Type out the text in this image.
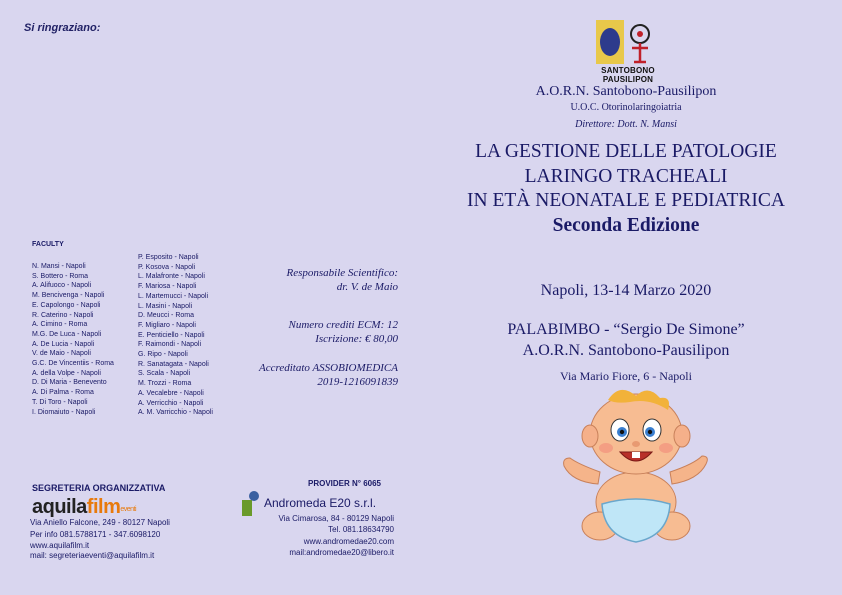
Si ringraziano:
SANTOBONO
PAUSILIPON
A.O.R.N. Santobono-Pausilipon
U.O.C. Otorinolaringoiatria
Direttore: Dott. N. Mansi
LA GESTIONE DELLE PATOLOGIE
LARINGO TRACHEALI
IN ETÀ NEONATALE E PEDIATRICA
Seconda Edizione
Napoli, 13-14 Marzo 2020
PALABIMBO - “Sergio De Simone”
A.O.R.N. Santobono-Pausilipon
Via Mario Fiore, 6 - Napoli
FACULTY
N. Mansi - Napoli
S. Bottero - Roma
A. Alifuoco - Napoli
M. Bencivenga - Napoli
E. Capolongo - Napoli
R. Caterino - Napoli
A. Cimino - Roma
M.G. De Luca - Napoli
A. De Lucia - Napoli
V. de Maio - Napoli
G.C. De Vincentiis - Roma
A. della Volpe - Napoli
D. Di Maria - Benevento
A. Di Palma - Roma
T. Di Toro - Napoli
I. Diomaiuto - Napoli
P. Esposito - Napoli
P. Kosova - Napoli
L. Malafronte - Napoli
F. Mariosa - Napoli
L. Martemucci - Napoli
L. Masini - Napoli
D. Meucci - Roma
F. Migliaro - Napoli
E. Penticiello - Napoli
F. Raimondi - Napoli
G. Ripo - Napoli
R. Sanatagata - Napoli
S. Scala - Napoli
M. Trozzi - Roma
A. Vecalebre - Napoli
A. Verricchio - Napoli
A. M. Varricchio - Napoli
Responsabile Scientifico:
dr. V. de Maio
Numero crediti ECM: 12
Iscrizione: € 80,00
Accreditato ASSOBIOMEDICA
2019-1216091839
SEGRETERIA ORGANIZZATIVA
aquilafilm$^{eventi}$
Via Aniello Falcone, 249 - 80127 Napoli
Per info 081.5788171 - 347.6098120
www.aquilafilm.it
mail: segreteriaeventi@aquilafilm.it
PROVIDER N° 6065
Andromeda E20 s.r.l.
Via Cimarosa, 84 - 80129 Napoli
Tel. 081.18634790
www.andromedae20.com
mail:andromedae20@libero.it
